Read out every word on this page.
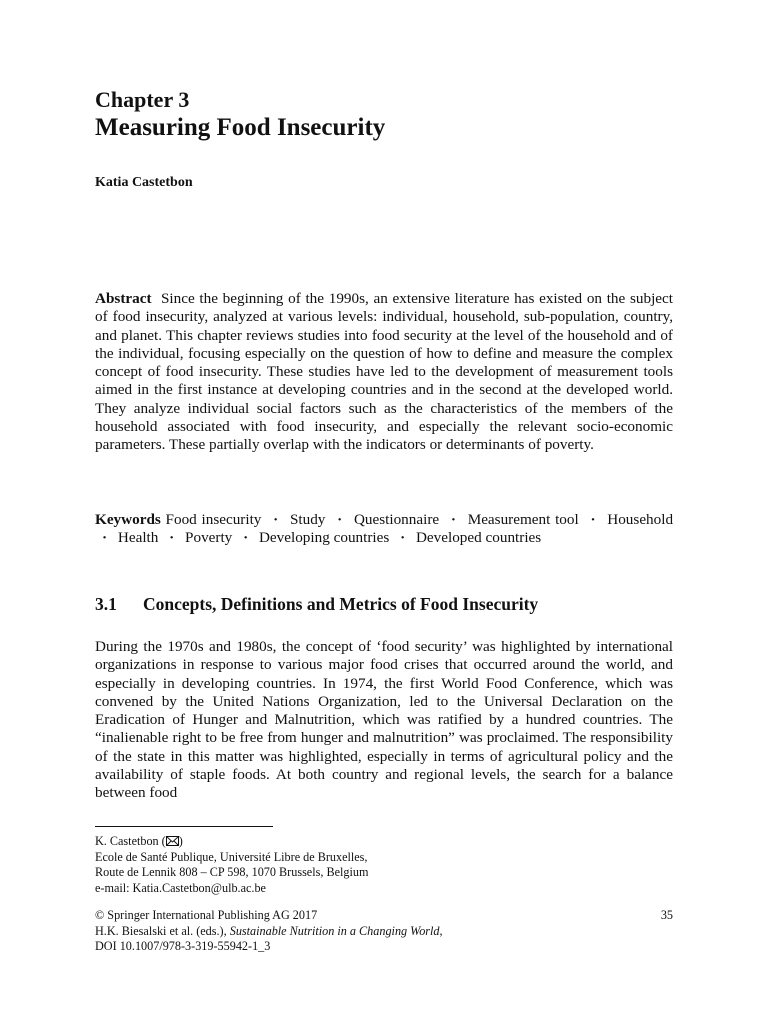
Chapter 3
Measuring Food Insecurity
Katia Castetbon
Abstract Since the beginning of the 1990s, an extensive literature has existed on the subject of food insecurity, analyzed at various levels: individual, household, sub-population, country, and planet. This chapter reviews studies into food security at the level of the household and of the individual, focusing especially on the question of how to define and measure the complex concept of food insecurity. These studies have led to the development of measurement tools aimed in the first instance at developing countries and in the second at the developed world. They analyze individual social factors such as the characteristics of the members of the household associated with food insecurity, and especially the relevant socio-economic parameters. These partially overlap with the indicators or determinants of poverty.
Keywords Food insecurity · Study · Questionnaire · Measurement tool · Household · Health · Poverty · Developing countries · Developed countries
3.1 Concepts, Definitions and Metrics of Food Insecurity
During the 1970s and 1980s, the concept of ‘food security’ was highlighted by international organizations in response to various major food crises that occurred around the world, and especially in developing countries. In 1974, the first World Food Conference, which was convened by the United Nations Organization, led to the Universal Declaration on the Eradication of Hunger and Malnutrition, which was ratified by a hundred countries. The “inalienable right to be free from hunger and malnutrition” was proclaimed. The responsibility of the state in this matter was highlighted, especially in terms of agricultural policy and the availability of staple foods. At both country and regional levels, the search for a balance between food
K. Castetbon ( )
Ecole de Santé Publique, Université Libre de Bruxelles,
Route de Lennik 808 – CP 598, 1070 Brussels, Belgium
e-mail: Katia.Castetbon@ulb.ac.be
© Springer International Publishing AG 2017	35
H.K. Biesalski et al. (eds.), Sustainable Nutrition in a Changing World,
DOI 10.1007/978-3-319-55942-1_3
